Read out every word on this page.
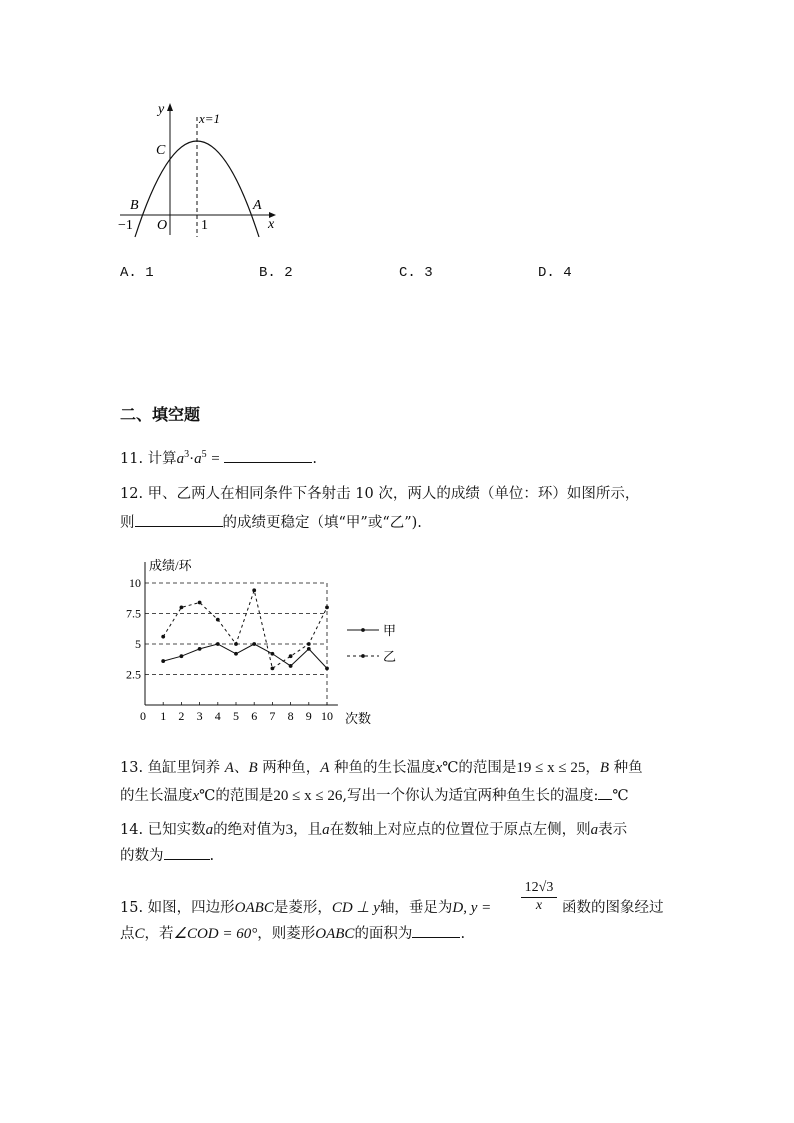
y
x
x=1
C
B	A
O
−1	1
A. 1	B. 2	C. 3	D. 4
二、填空题
11. 计算$a^3\cdot a^5$ =	.
12. 甲、乙两人在相同条件下各射击 10 次，两人的成绩（单位：环）如图所示，
则	的成绩更稳定（填“甲”或“乙”).
成绩/环
2.5
5
7.5
10
0 1 2 3 4 5 6 7 8 9 10 次数
甲
乙
13. 鱼缸里饲养 A、B 两种鱼，A 种鱼的生长温度x℃的范围是19 ≤ x ≤ 25，B 种鱼
的生长温度x℃的范围是20 ≤ x ≤ 26,写出一个你认为适宜两种鱼生长的温度: ℃
14. 已知实数a的绝对值为3，且a在数轴上对应点的位置位于原点左侧，则a表示
的数为	.
15. 如图，四边形OABC是菱形，CD ⊥ y轴，垂足为D, y =
12√3
x	函数的图象经过
点C，若∠COD = 60°，则菱形OABC的面积为	.
